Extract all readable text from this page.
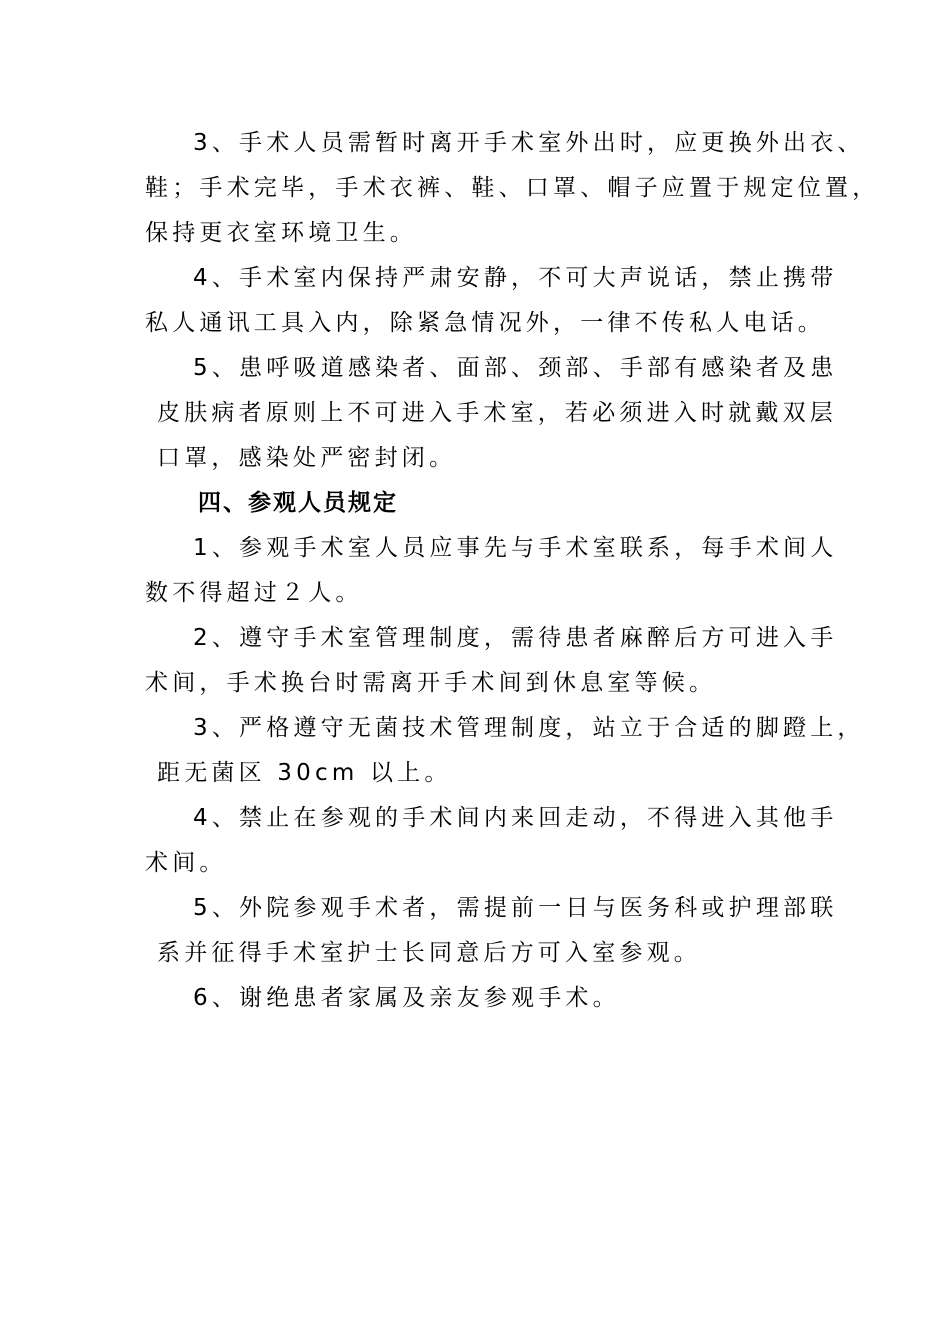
3、手术人员需暂时离开手术室外出时，应更换外出衣、
鞋；手术完毕，手术衣裤、鞋、口罩、帽子应置于规定位置，
保持更衣室环境卫生。
4、手术室内保持严肃安静，不可大声说话，禁止携带
私人通讯工具入内，除紧急情况外，一律不传私人电话。
5、患呼吸道感染者、面部、颈部、手部有感染者及患
皮肤病者原则上不可进入手术室，若必须进入时就戴双层
口罩，感染处严密封闭。
四、参观人员规定
1、参观手术室人员应事先与手术室联系，每手术间人
数不得超过２人。
2、遵守手术室管理制度，需待患者麻醉后方可进入手
术间，手术换台时需离开手术间到休息室等候。
3、严格遵守无菌技术管理制度，站立于合适的脚蹬上，
距无菌区 30cm 以上。
4、禁止在参观的手术间内来回走动，不得进入其他手
术间。
5、外院参观手术者，需提前一日与医务科或护理部联
系并征得手术室护士长同意后方可入室参观。
6、谢绝患者家属及亲友参观手术。
